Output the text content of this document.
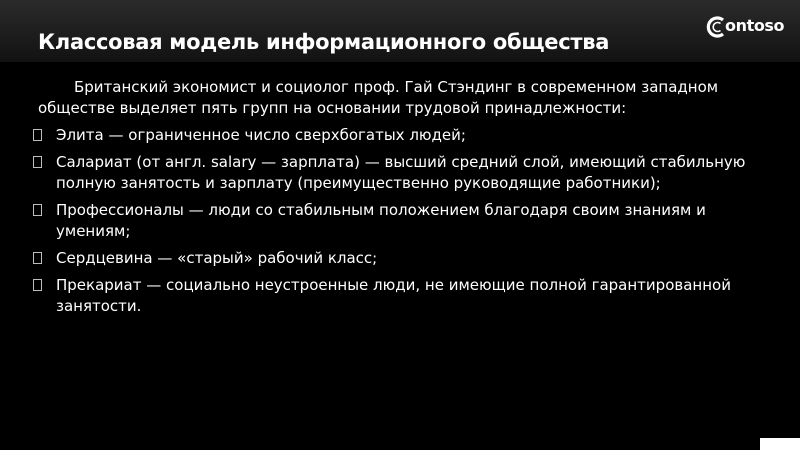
Классовая модель информационного общества
ontoso

Британский экономист и социолог проф. Гай Стэндинг в современном западном обществе выделяет пять групп на основании трудовой принадлежности:

Элита — ограниченное число сверхбогатых людей;
Салариат (от англ. salary — зарплата) — высший средний слой, имеющий стабильную полную занятость и зарплату (преимущественно руководящие работники);
Профессионалы — люди со стабильным положением благодаря своим знаниям и умениям;
Сердцевина — «старый» рабочий класс;
Прекариат — социально неустроенные люди, не имеющие полной гарантированной занятости.
